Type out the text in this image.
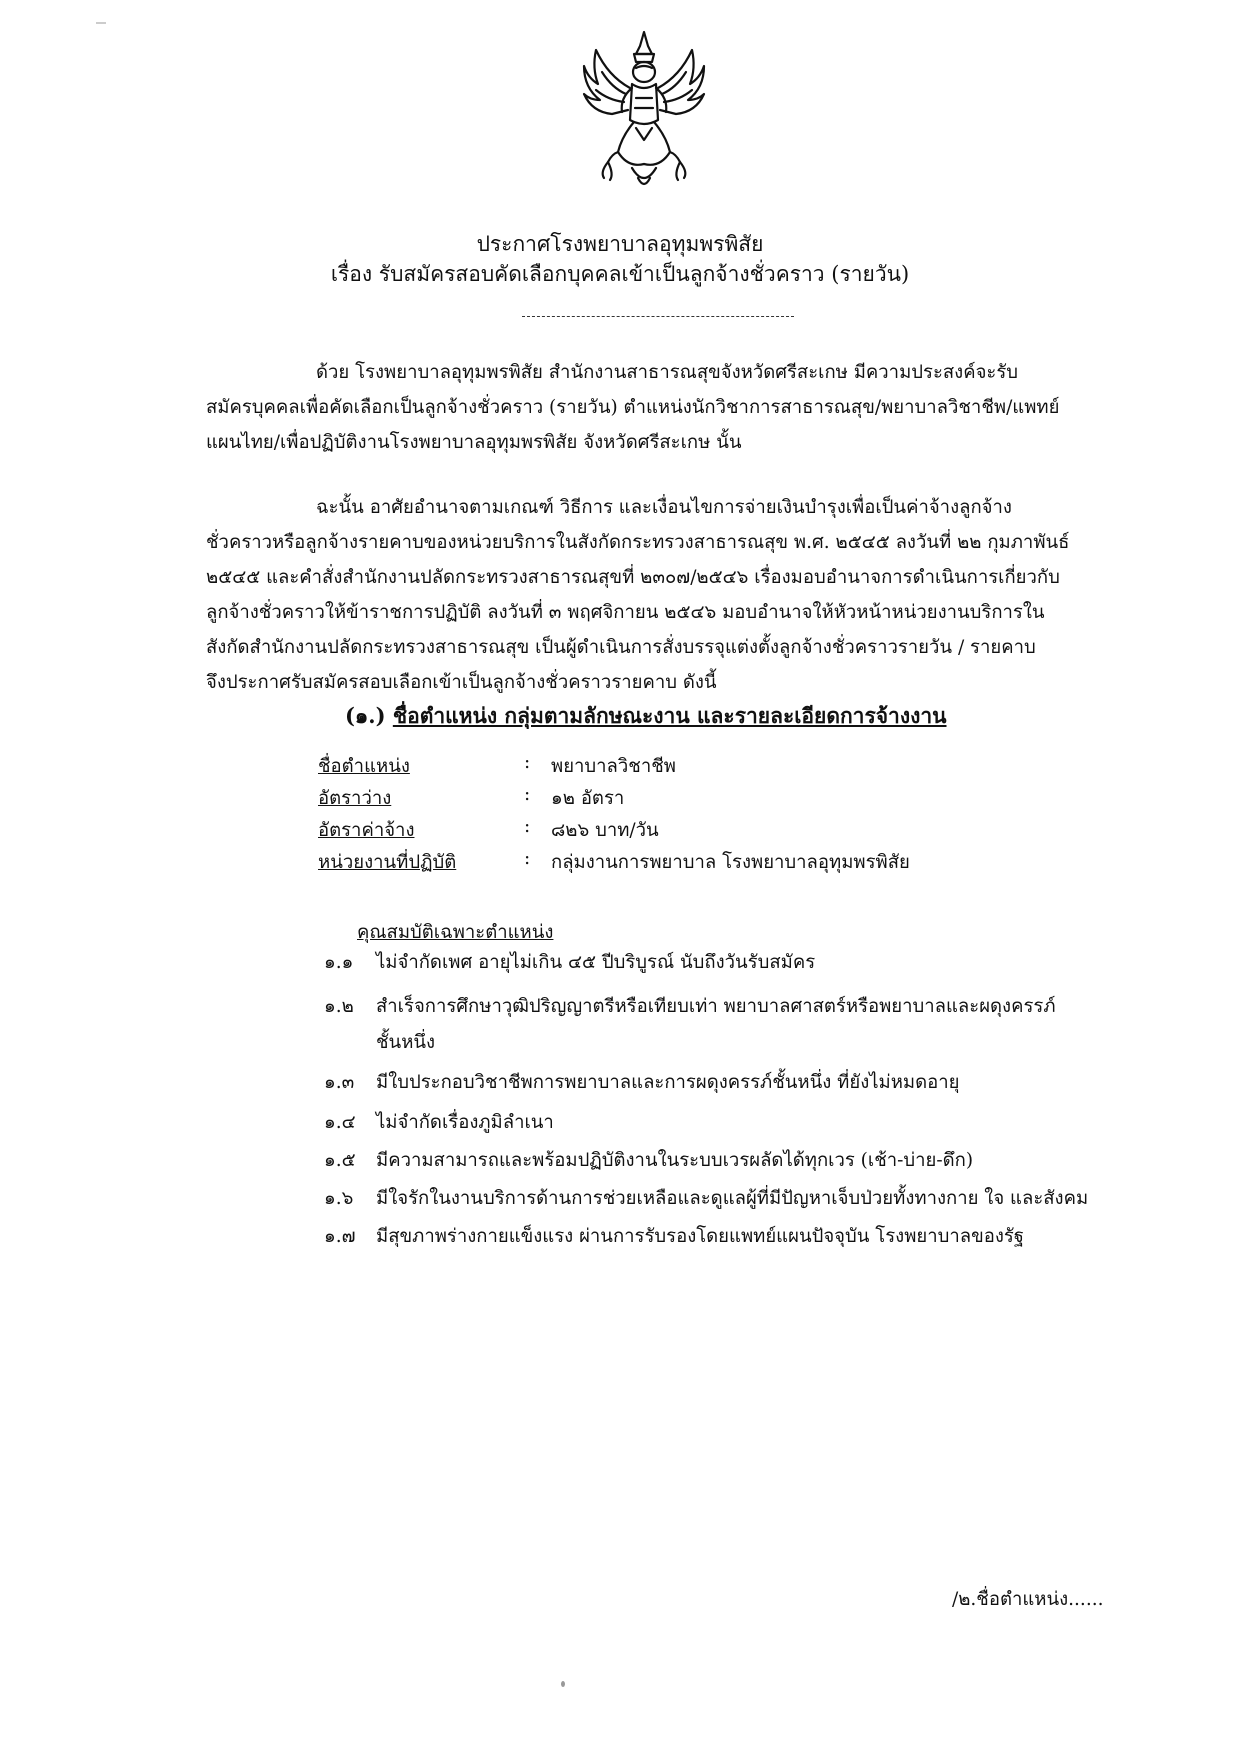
ประกาศโรงพยาบาลอุทุมพรพิสัย
เรื่อง รับสมัครสอบคัดเลือกบุคคลเข้าเป็นลูกจ้างชั่วคราว (รายวัน)
ด้วย โรงพยาบาลอุทุมพรพิสัย สำนักงานสาธารณสุขจังหวัดศรีสะเกษ มีความประสงค์จะรับ
สมัครบุคคลเพื่อคัดเลือกเป็นลูกจ้างชั่วคราว (รายวัน) ตำแหน่งนักวิชาการสาธารณสุข/พยาบาลวิชาชีพ/แพทย์
แผนไทย/เพื่อปฏิบัติงานโรงพยาบาลอุทุมพรพิสัย จังหวัดศรีสะเกษ นั้น
ฉะนั้น อาศัยอำนาจตามเกณฑ์ วิธีการ และเงื่อนไขการจ่ายเงินบำรุงเพื่อเป็นค่าจ้างลูกจ้าง
ชั่วคราวหรือลูกจ้างรายคาบของหน่วยบริการในสังกัดกระทรวงสาธารณสุข พ.ศ. ๒๕๔๕ ลงวันที่ ๒๒ กุมภาพันธ์
๒๕๔๕ และคำสั่งสำนักงานปลัดกระทรวงสาธารณสุขที่ ๒๓๐๗/๒๕๔๖ เรื่องมอบอำนาจการดำเนินการเกี่ยวกับ
ลูกจ้างชั่วคราวให้ข้าราชการปฏิบัติ ลงวันที่ ๓ พฤศจิกายน ๒๕๔๖ มอบอำนาจให้หัวหน้าหน่วยงานบริการใน
สังกัดสำนักงานปลัดกระทรวงสาธารณสุข เป็นผู้ดำเนินการสั่งบรรจุแต่งตั้งลูกจ้างชั่วคราวรายวัน / รายคาบ
จึงประกาศรับสมัครสอบเลือกเข้าเป็นลูกจ้างชั่วคราวรายคาบ ดังนี้
(๑.) ชื่อตำแหน่ง กลุ่มตามลักษณะงาน และรายละเอียดการจ้างงาน
ชื่อตำแหน่ง	: พยาบาลวิชาชีพ
อัตราว่าง	: ๑๒ อัตรา
อัตราค่าจ้าง	: ๘๒๖ บาท/วัน
หน่วยงานที่ปฏิบัติ	: กลุ่มงานการพยาบาล โรงพยาบาลอุทุมพรพิสัย
คุณสมบัติเฉพาะตำแหน่ง
๑.๑	ไม่จำกัดเพศ อายุไม่เกิน ๔๕ ปีบริบูรณ์ นับถึงวันรับสมัคร
๑.๒	สำเร็จการศึกษาวุฒิปริญญาตรีหรือเทียบเท่า พยาบาลศาสตร์หรือพยาบาลและผดุงครรภ์
ชั้นหนึ่ง
๑.๓	มีใบประกอบวิชาชีพการพยาบาลและการผดุงครรภ์ชั้นหนึ่ง ที่ยังไม่หมดอายุ
๑.๔	ไม่จำกัดเรื่องภูมิลำเนา
๑.๕	มีความสามารถและพร้อมปฏิบัติงานในระบบเวรผลัดได้ทุกเวร (เช้า-บ่าย-ดึก)
๑.๖	มีใจรักในงานบริการด้านการช่วยเหลือและดูแลผู้ที่มีปัญหาเจ็บป่วยทั้งทางกาย ใจ และสังคม
๑.๗	มีสุขภาพร่างกายแข็งแรง ผ่านการรับรองโดยแพทย์แผนปัจจุบัน โรงพยาบาลของรัฐ
/๒.ชื่อตำแหน่ง......
